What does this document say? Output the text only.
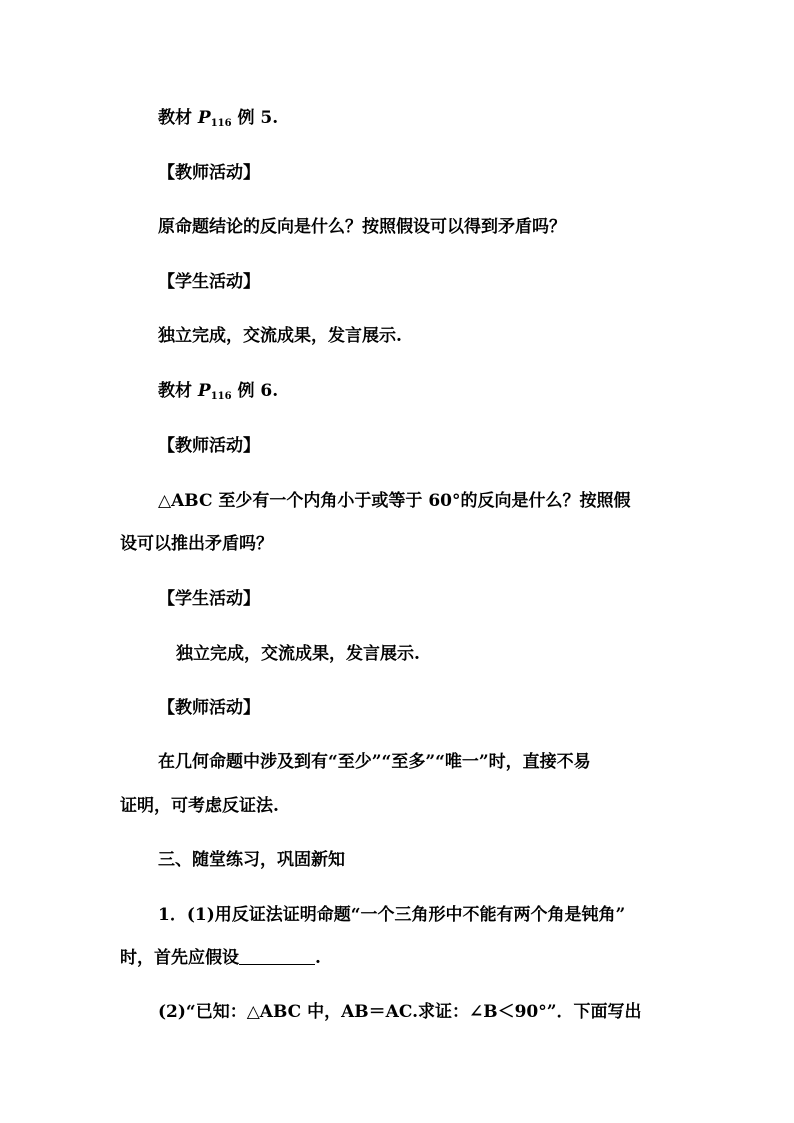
教材 $P_{116}$ 例 5.
【教师活动】
原命题结论的反向是什么？按照假设可以得到矛盾吗？
【学生活动】
独立完成，交流成果，发言展示.
教材 $P_{116}$ 例 6.
【教师活动】
△ABC 至少有一个内角小于或等于 60°的反向是什么？按照假
设可以推出矛盾吗？
【学生活动】
独立完成，交流成果，发言展示.
【教师活动】
在几何命题中涉及到有“至少”“至多”“唯一”时，直接不易
证明，可考虑反证法.
三、随堂练习，巩固新知
1．(1)用反证法证明命题“一个三角形中不能有两个角是钝角”
时，首先应假设	.
(2)“已知：△ABC 中，AB＝AC.求证：∠B＜90°”．下面写出
